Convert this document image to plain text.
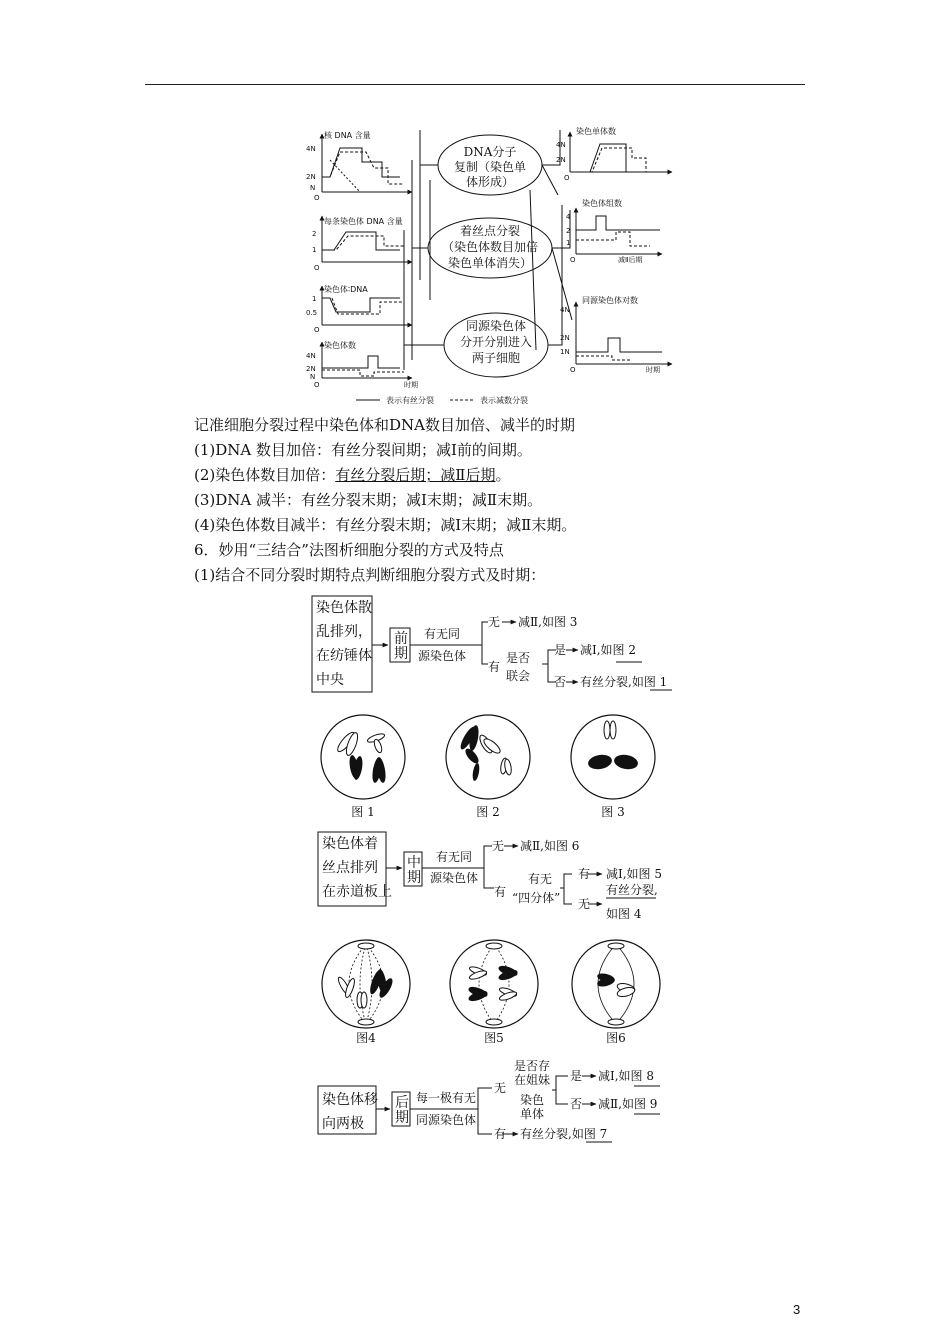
DNA分子
复制（染色单
体形成）
着丝点分裂
（染色体数目加倍
染色单体消失）
同源染色体
分开分别进入
两子细胞
核 DNA 含量
4N
2N
N
O
每条染色体 DNA 含量
2
1
O
染色体∶DNA
1
0.5
O
染色体数
4N
2N
N
O	时期
染色单体数
4N
2N
O
染色体组数
4
2
1
O	减Ⅱ后期
同源染色体对数
4N
2N
1N
O	时期
表示有丝分裂	表示减数分裂
记准细胞分裂过程中染色体和DNA数目加倍、减半的时期
(1)DNA 数目加倍：有丝分裂间期；减Ⅰ前的间期。
(2)染色体数目加倍：有丝分裂后期；减Ⅱ后期。
(3)DNA 减半：有丝分裂末期；减Ⅰ末期；减Ⅱ末期。
(4)染色体数目减半：有丝分裂末期；减Ⅰ末期；减Ⅱ末期。
6．妙用“三结合”法图析细胞分裂的方式及特点
(1)结合不同分裂时期特点判断细胞分裂方式及时期：
染色体散
乱排列，
在纺锤体
中央
前
期
有无同
源染色体
无 减Ⅱ,如图 3
有
是否
联会
是 减Ⅰ,如图 2
否 有丝分裂,如图 1
图 1	图 2	图 3
染色体着
丝点排列
在赤道板上
中
期
有无同
源染色体
无 减Ⅱ,如图 6
有
有无
“四分体”
有 减Ⅰ,如图 5
无
有丝分裂,
如图 4
图4	图5	图6
染色体移
向两极
后
期
每一极有无
同源染色体
无
是否存
在姐妹
染色
单体
是 减Ⅰ,如图 8
否 减Ⅱ,如图 9
有 有丝分裂,如图 7
3
